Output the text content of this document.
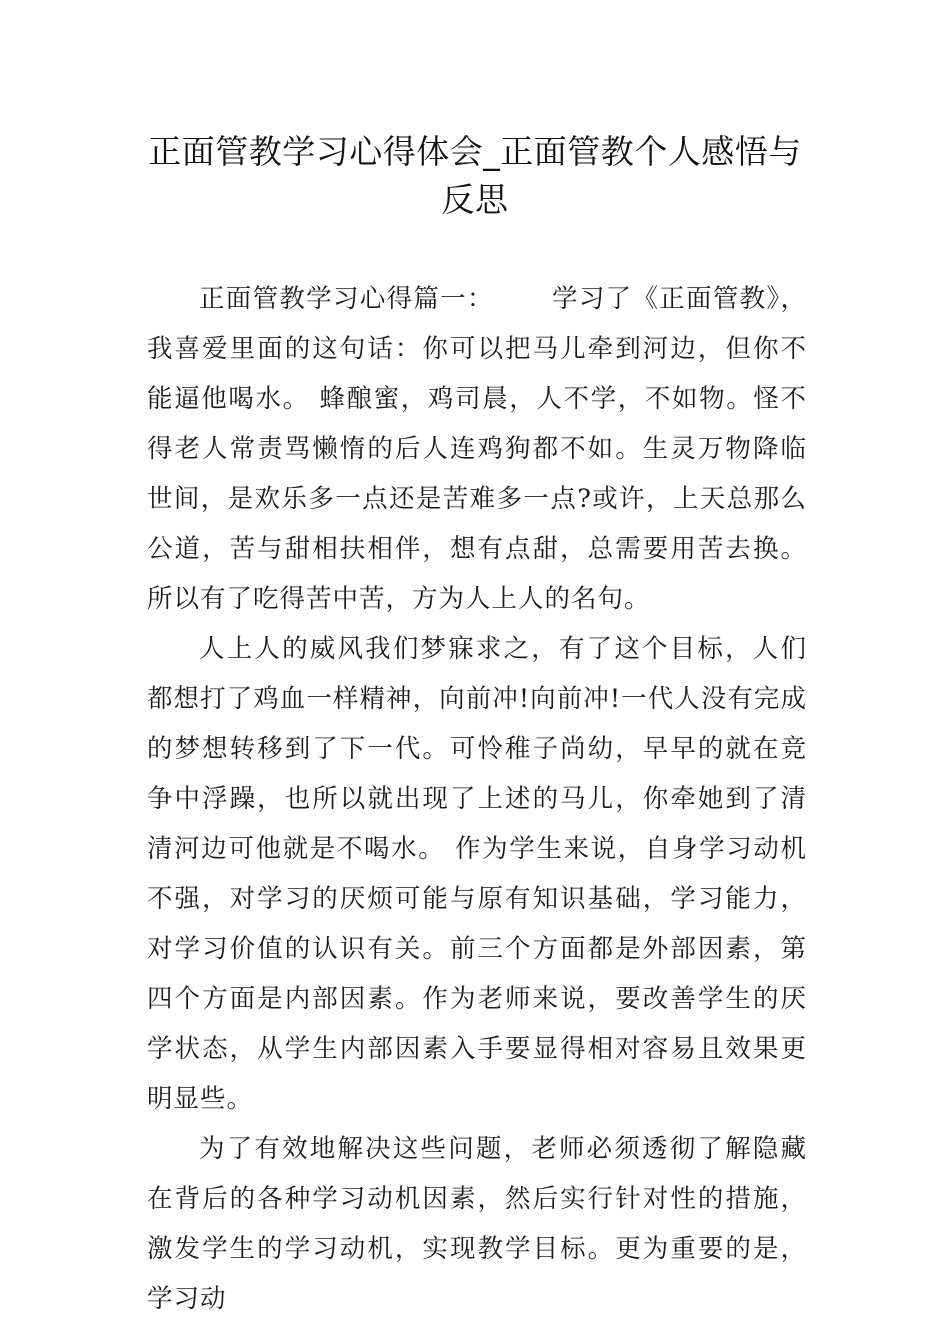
正面管教学习心得体会_正面管教个人感悟与反思

正面管教学习心得篇一： 学习了《正面管教》，我喜爱里面的这句话：你可以把马儿牵到河边，但你不能逼他喝水。 蜂酿蜜，鸡司晨，人不学，不如物。怪不得老人常责骂懒惰的后人连鸡狗都不如。生灵万物降临世间，是欢乐多一点还是苦难多一点?或许，上天总那么公道，苦与甜相扶相伴，想有点甜，总需要用苦去换。所以有了吃得苦中苦，方为人上人的名句。

人上人的威风我们梦寐求之，有了这个目标，人们都想打了鸡血一样精神，向前冲!向前冲!一代人没有完成的梦想转移到了下一代。可怜稚子尚幼，早早的就在竞争中浮躁，也所以就出现了上述的马儿，你牵她到了清清河边可他就是不喝水。 作为学生来说，自身学习动机不强，对学习的厌烦可能与原有知识基础，学习能力，对学习价值的认识有关。前三个方面都是外部因素，第四个方面是内部因素。作为老师来说，要改善学生的厌学状态，从学生内部因素入手要显得相对容易且效果更明显些。

为了有效地解决这些问题，老师必须透彻了解隐藏在背后的各种学习动机因素，然后实行针对性的措施，激发学生的学习动机，实现教学目标。更为重要的是，学习动
